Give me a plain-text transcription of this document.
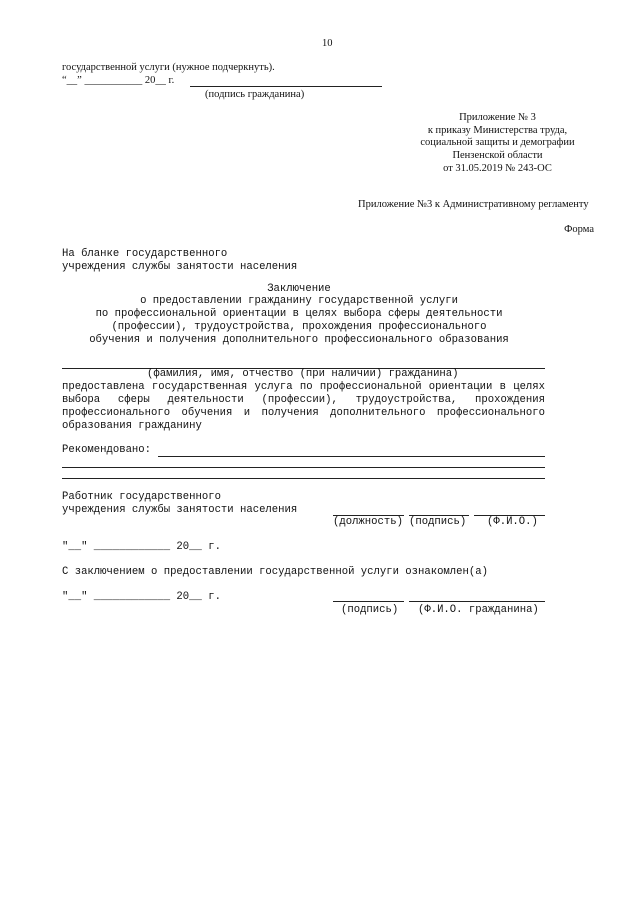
10
государственной услуги (нужное подчеркнуть).
“__” ___________ 20__ г.
(подпись гражданина)
Приложение № 3
к приказу Министерства труда,
социальной защиты и демографии
Пензенской области
от 31.05.2019 № 243-ОС
Приложение №3 к Административному регламенту
Форма
На бланке государственного
учреждения службы занятости населения
Заключение
о предоставлении гражданину государственной услуги
по профессиональной ориентации в целях выбора сферы деятельности
(профессии), трудоустройства, прохождения профессионального
обучения и получения дополнительного профессионального образования
(фамилия, имя, отчество (при наличии) гражданина)
предоставлена государственная услуга по профессиональной ориентации в целях
выбора сферы деятельности (профессии), трудоустройства, прохождения
профессионального обучения и получения дополнительного профессионального
образования гражданину
Рекомендовано:
Работник государственного
учреждения службы занятости населения
(должность) (подпись) (Ф.И.О.)
"__" ____________ 20__ г.
С заключением о предоставлении государственной услуги ознакомлен(а)
"__" ____________ 20__ г.
(подпись) (Ф.И.О. гражданина)
